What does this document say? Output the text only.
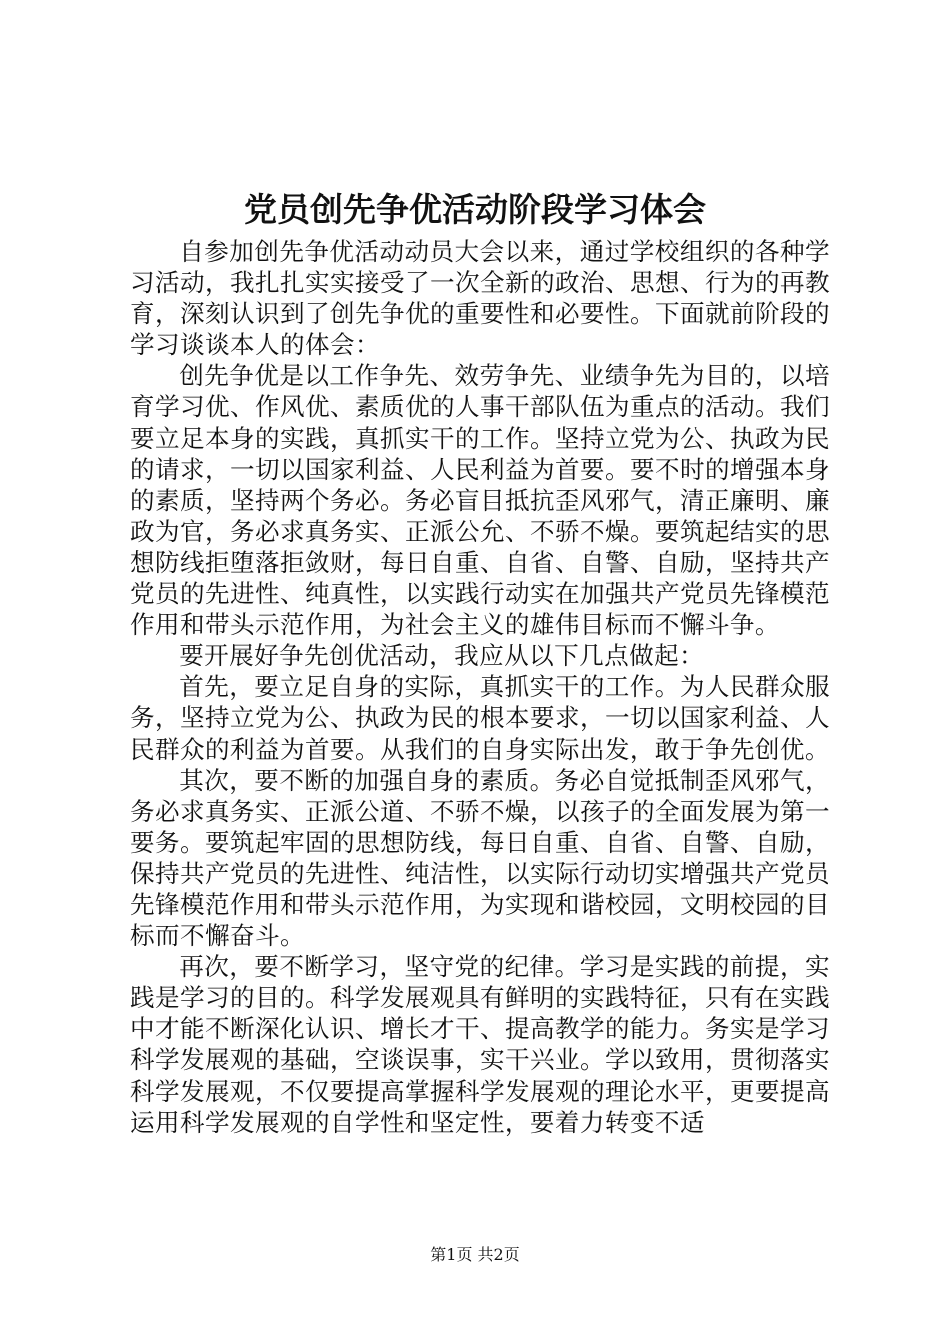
党员创先争优活动阶段学习体会

自参加创先争优活动动员大会以来，通过学校组织的各种学习活动，我扎扎实实接受了一次全新的政治、思想、行为的再教育，深刻认识到了创先争优的重要性和必要性。下面就前阶段的学习谈谈本人的体会：

创先争优是以工作争先、效劳争先、业绩争先为目的，以培育学习优、作风优、素质优的人事干部队伍为重点的活动。我们要立足本身的实践，真抓实干的工作。坚持立党为公、执政为民的请求，一切以国家利益、人民利益为首要。要不时的增强本身的素质，坚持两个务必。务必盲目抵抗歪风邪气，清正廉明、廉政为官，务必求真务实、正派公允、不骄不燥。要筑起结实的思想防线拒堕落拒敛财，每日自重、自省、自警、自励，坚持共产党员的先进性、纯真性，以实践行动实在加强共产党员先锋模范作用和带头示范作用，为社会主义的雄伟目标而不懈斗争。

要开展好争先创优活动，我应从以下几点做起：

首先，要立足自身的实际，真抓实干的工作。为人民群众服务，坚持立党为公、执政为民的根本要求，一切以国家利益、人民群众的利益为首要。从我们的自身实际出发，敢于争先创优。

其次，要不断的加强自身的素质。务必自觉抵制歪风邪气，务必求真务实、正派公道、不骄不燥，以孩子的全面发展为第一要务。要筑起牢固的思想防线，每日自重、自省、自警、自励，保持共产党员的先进性、纯洁性，以实际行动切实增强共产党员先锋模范作用和带头示范作用，为实现和谐校园，文明校园的目标而不懈奋斗。

再次，要不断学习，坚守党的纪律。学习是实践的前提，实践是学习的目的。科学发展观具有鲜明的实践特征，只有在实践中才能不断深化认识、增长才干、提高教学的能力。务实是学习科学发展观的基础，空谈误事，实干兴业。学以致用，贯彻落实科学发展观，不仅要提高掌握科学发展观的理论水平，更要提高运用科学发展观的自学性和坚定性，要着力转变不适

第1页 共2页
